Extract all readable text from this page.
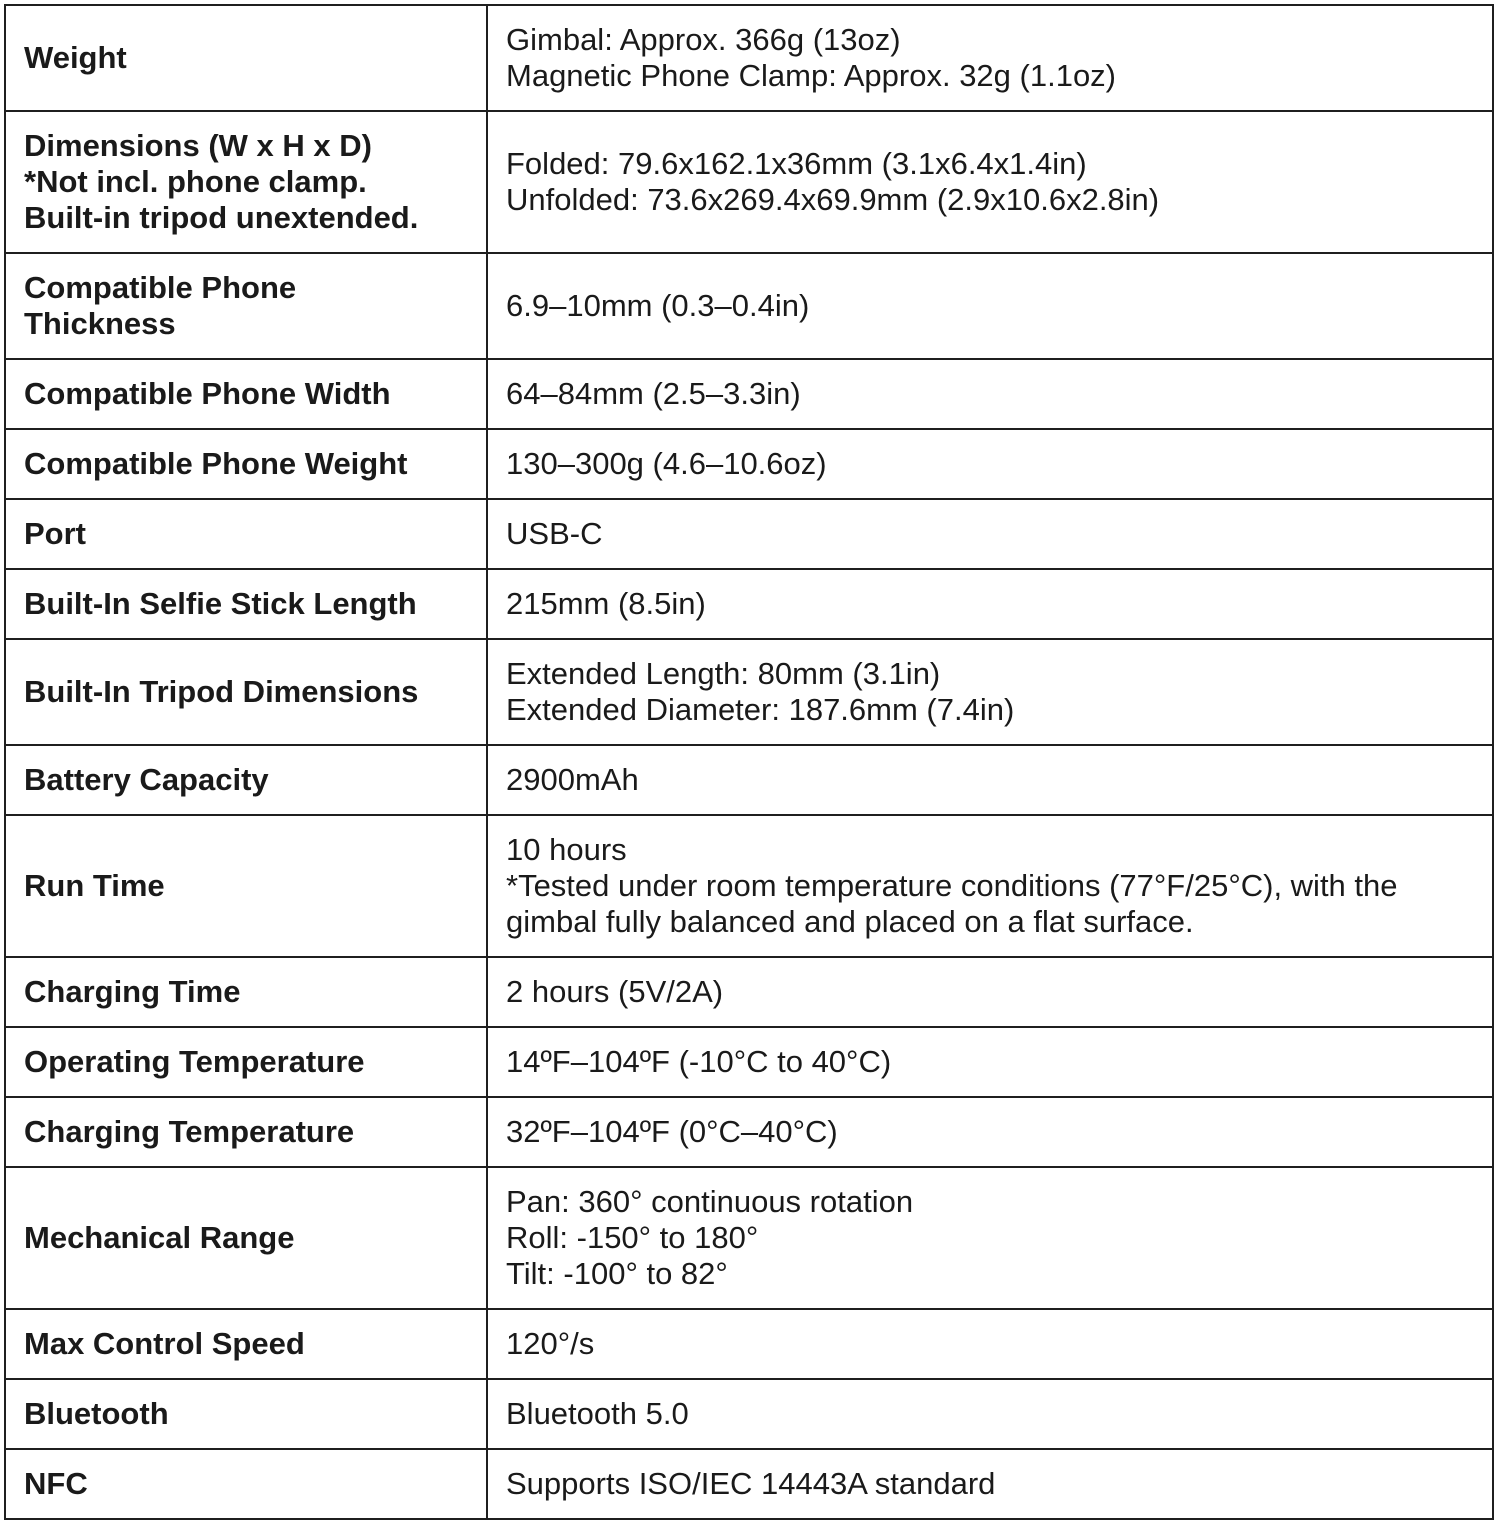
Weight	Gimbal: Approx. 366g (13oz)
Magnetic Phone Clamp: Approx. 32g (1.1oz)

Dimensions (W x H x D)
*Not incl. phone clamp.
Built-in tripod unextended.	Folded: 79.6x162.1x36mm (3.1x6.4x1.4in)
Unfolded: 73.6x269.4x69.9mm (2.9x10.6x2.8in)

Compatible Phone
Thickness	6.9–10mm (0.3–0.4in)

Compatible Phone Width	64–84mm (2.5–3.3in)

Compatible Phone Weight	130–300g (4.6–10.6oz)

Port	USB-C

Built-In Selfie Stick Length	215mm (8.5in)

Built-In Tripod Dimensions	Extended Length: 80mm (3.1in)
Extended Diameter: 187.6mm (7.4in)

Battery Capacity	2900mAh

Run Time	10 hours
*Tested under room temperature conditions (77°F/25°C), with the gimbal fully balanced and placed on a flat surface.

Charging Time	2 hours (5V/2A)

Operating Temperature	14ºF–104ºF (-10°C to 40°C)

Charging Temperature	32ºF–104ºF (0°C–40°C)

Mechanical Range	Pan: 360° continuous rotation
Roll: -150° to 180°
Tilt: -100° to 82°

Max Control Speed	120°/s

Bluetooth	Bluetooth 5.0

NFC	Supports ISO/IEC 14443A standard
